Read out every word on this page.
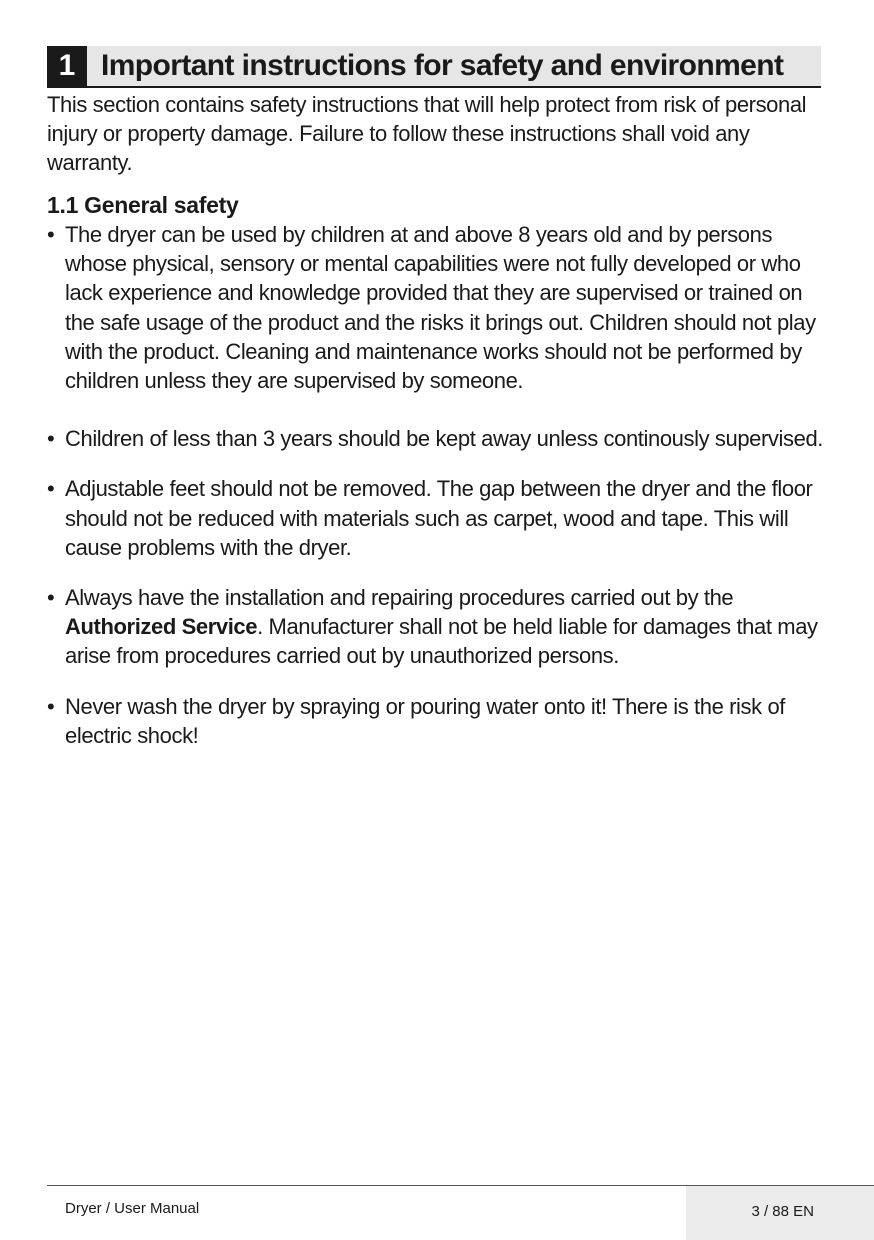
1 Important instructions for safety and environment

This section contains safety instructions that will help protect from risk of personal injury or property damage. Failure to follow these instructions shall void any warranty.

1.1 General safety
• The dryer can be used by children at and above 8 years old and by persons whose physical, sensory or mental capabilities were not fully developed or who lack experience and knowledge provided that they are supervised or trained on the safe usage of the product and the risks it brings out. Children should not play with the product. Cleaning and maintenance works should not be performed by children unless they are supervised by someone.
• Children of less than 3 years should be kept away unless continously supervised.
• Adjustable feet should not be removed. The gap between the dryer and the floor should not be reduced with materials such as carpet, wood and tape. This will cause problems with the dryer.
• Always have the installation and repairing procedures carried out by the Authorized Service. Manufacturer shall not be held liable for damages that may arise from procedures carried out by unauthorized persons.
• Never wash the dryer by spraying or pouring water onto it! There is the risk of electric shock!
Dryer / User Manual	3 / 88 EN
